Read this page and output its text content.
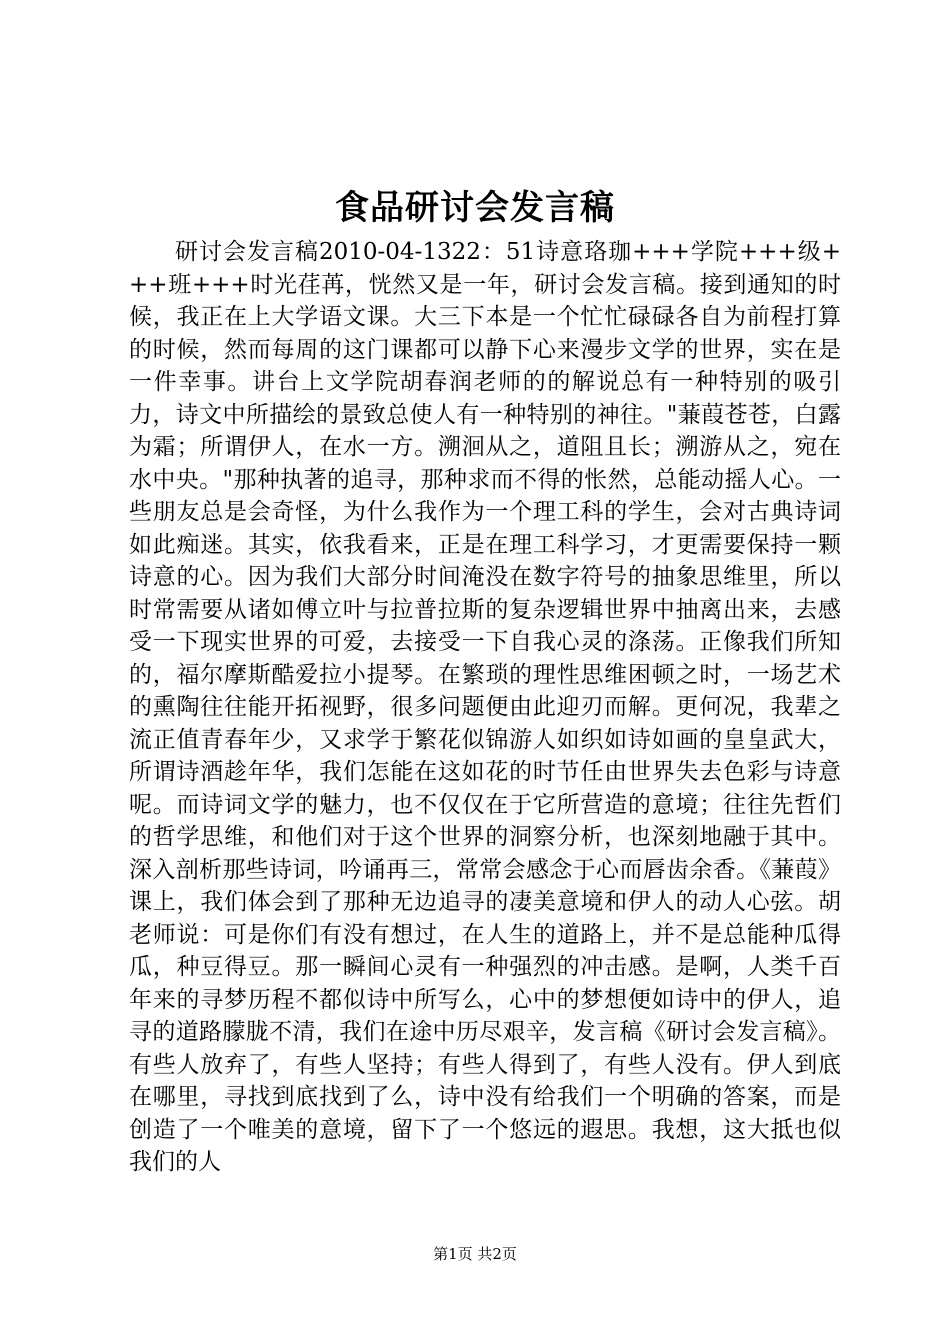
食品研讨会发言稿

研讨会发言稿2010-04-1322：51诗意珞珈+++学院+++级+++班+++时光荏苒，恍然又是一年，研讨会发言稿。接到通知的时候，我正在上大学语文课。大三下本是一个忙忙碌碌各自为前程打算的时候，然而每周的这门课都可以静下心来漫步文学的世界，实在是一件幸事。讲台上文学院胡春润老师的的解说总有一种特别的吸引力，诗文中所描绘的景致总使人有一种特别的神往。"蒹葭苍苍，白露为霜；所谓伊人，在水一方。溯洄从之，道阻且长；溯游从之，宛在水中央。"那种执著的追寻，那种求而不得的怅然，总能动摇人心。一些朋友总是会奇怪，为什么我作为一个理工科的学生，会对古典诗词如此痴迷。其实，依我看来，正是在理工科学习，才更需要保持一颗诗意的心。因为我们大部分时间淹没在数字符号的抽象思维里，所以时常需要从诸如傅立叶与拉普拉斯的复杂逻辑世界中抽离出来，去感受一下现实世界的可爱，去接受一下自我心灵的涤荡。正像我们所知的，福尔摩斯酷爱拉小提琴。在繁琐的理性思维困顿之时，一场艺术的熏陶往往能开拓视野，很多问题便由此迎刃而解。更何况，我辈之流正值青春年少，又求学于繁花似锦游人如织如诗如画的皇皇武大，所谓诗酒趁年华，我们怎能在这如花的时节任由世界失去色彩与诗意呢。而诗词文学的魅力，也不仅仅在于它所营造的意境；往往先哲们的哲学思维，和他们对于这个世界的洞察分析，也深刻地融于其中。深入剖析那些诗词，吟诵再三，常常会感念于心而唇齿余香。《蒹葭》课上，我们体会到了那种无边追寻的凄美意境和伊人的动人心弦。胡老师说：可是你们有没有想过，在人生的道路上，并不是总能种瓜得瓜，种豆得豆。那一瞬间心灵有一种强烈的冲击感。是啊，人类千百年来的寻梦历程不都似诗中所写么，心中的梦想便如诗中的伊人，追寻的道路朦胧不清，我们在途中历尽艰辛，发言稿《研讨会发言稿》。有些人放弃了，有些人坚持；有些人得到了，有些人没有。伊人到底在哪里，寻找到底找到了么，诗中没有给我们一个明确的答案，而是创造了一个唯美的意境，留下了一个悠远的遐思。我想，这大抵也似我们的人

第1页 共2页
